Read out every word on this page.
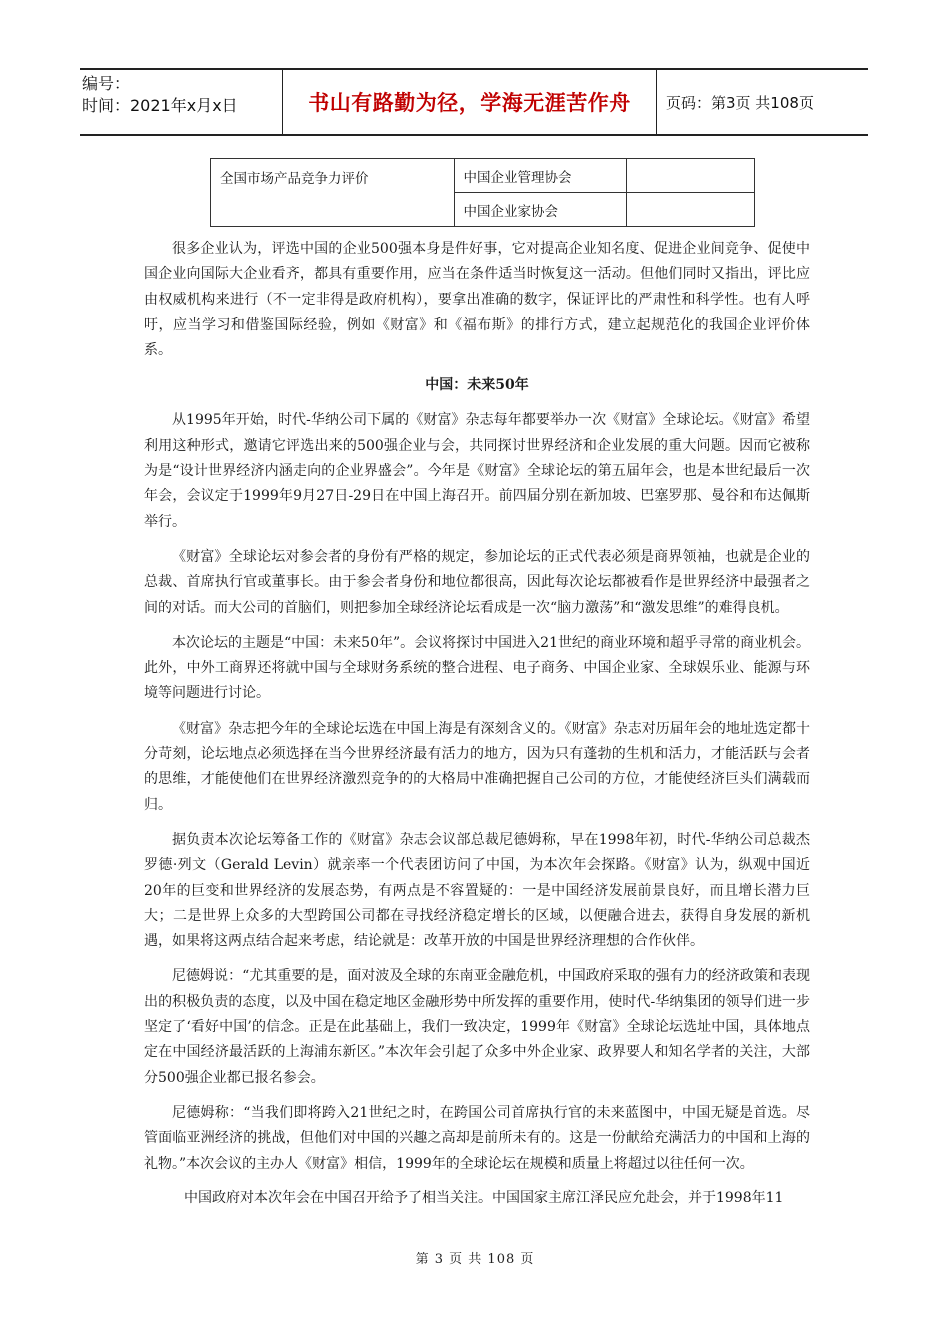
编号：
时间：2021年x月x日	书山有路勤为径，学海无涯苦作舟	页码：第3页 共108页
全国市场产品竞争力评价	中国企业管理协会	
	中国企业家协会	

很多企业认为，评选中国的企业500强本身是件好事，它对提高企业知名度、促进企业间竞争、促使中国企业向国际大企业看齐，都具有重要作用，应当在条件适当时恢复这一活动。但他们同时又指出，评比应由权威机构来进行（不一定非得是政府机构），要拿出准确的数字，保证评比的严肃性和科学性。也有人呼吁，应当学习和借鉴国际经验，例如《财富》和《福布斯》的排行方式，建立起规范化的我国企业评价体系。

中国：未来50年

从1995年开始，时代-华纳公司下属的《财富》杂志每年都要举办一次《财富》全球论坛。《财富》希望利用这种形式，邀请它评选出来的500强企业与会，共同探讨世界经济和企业发展的重大问题。因而它被称为是“设计世界经济内涵走向的企业界盛会”。今年是《财富》全球论坛的第五届年会，也是本世纪最后一次年会，会议定于1999年9月27日-29日在中国上海召开。前四届分别在新加坡、巴塞罗那、曼谷和布达佩斯举行。

《财富》全球论坛对参会者的身份有严格的规定，参加论坛的正式代表必须是商界领袖，也就是企业的总裁、首席执行官或董事长。由于参会者身份和地位都很高，因此每次论坛都被看作是世界经济中最强者之间的对话。而大公司的首脑们，则把参加全球经济论坛看成是一次“脑力激荡”和“激发思维”的难得良机。

本次论坛的主题是“中国：未来50年”。会议将探讨中国进入21世纪的商业环境和超乎寻常的商业机会。此外，中外工商界还将就中国与全球财务系统的整合进程、电子商务、中国企业家、全球娱乐业、能源与环境等问题进行讨论。

《财富》杂志把今年的全球论坛选在中国上海是有深刻含义的。《财富》杂志对历届年会的地址选定都十分苛刻，论坛地点必须选择在当今世界经济最有活力的地方，因为只有蓬勃的生机和活力，才能活跃与会者的思维，才能使他们在世界经济激烈竞争的的大格局中准确把握自己公司的方位，才能使经济巨头们满载而归。

据负责本次论坛筹备工作的《财富》杂志会议部总裁尼德姆称，早在1998年初，时代-华纳公司总裁杰罗德·列文（Gerald Levin）就亲率一个代表团访问了中国，为本次年会探路。《财富》认为，纵观中国近20年的巨变和世界经济的发展态势，有两点是不容置疑的：一是中国经济发展前景良好，而且增长潜力巨大；二是世界上众多的大型跨国公司都在寻找经济稳定增长的区域，以便融合进去，获得自身发展的新机遇，如果将这两点结合起来考虑，结论就是：改革开放的中国是世界经济理想的合作伙伴。

尼德姆说：“尤其重要的是，面对波及全球的东南亚金融危机，中国政府采取的强有力的经济政策和表现出的积极负责的态度，以及中国在稳定地区金融形势中所发挥的重要作用，使时代-华纳集团的领导们进一步坚定了‘看好中国’的信念。正是在此基础上，我们一致决定，1999年《财富》全球论坛选址中国，具体地点定在中国经济最活跃的上海浦东新区。”本次年会引起了众多中外企业家、政界要人和知名学者的关注，大部分500强企业都已报名参会。

尼德姆称：“当我们即将跨入21世纪之时，在跨国公司首席执行官的未来蓝图中，中国无疑是首选。尽管面临亚洲经济的挑战，但他们对中国的兴趣之高却是前所未有的。这是一份献给充满活力的中国和上海的礼物。”本次会议的主办人《财富》相信，1999年的全球论坛在规模和质量上将超过以往任何一次。

中国政府对本次年会在中国召开给予了相当关注。中国国家主席江泽民应允赴会，并于1998年11

第 3 页 共 108 页
